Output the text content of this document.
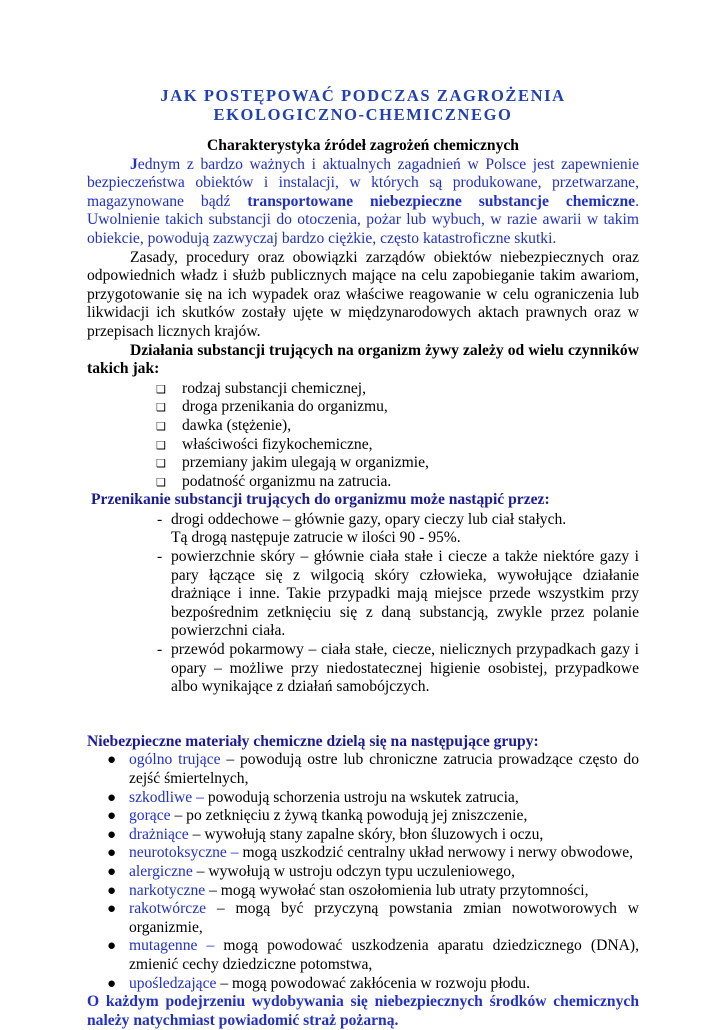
JAK POSTĘPOWAĆ PODCZAS ZAGROŻENIA
EKOLOGICZNO-CHEMICZNEGO
Charakterystyka źródeł zagrożeń chemicznych

Jednym z bardzo ważnych i aktualnych zagadnień w Polsce jest zapewnienie bezpieczeństwa obiektów i instalacji, w których są produkowane, przetwarzane, magazynowane bądź transportowane niebezpieczne substancje chemiczne. Uwolnienie takich substancji do otoczenia, pożar lub wybuch, w razie awarii w takim obiekcie, powodują zazwyczaj bardzo ciężkie, często katastroficzne skutki.

Zasady, procedury oraz obowiązki zarządów obiektów niebezpiecznych oraz odpowiednich władz i służb publicznych mające na celu zapobieganie takim awariom, przygotowanie się na ich wypadek oraz właściwe reagowanie w celu ograniczenia lub likwidacji ich skutków zostały ujęte w międzynarodowych aktach prawnych oraz w przepisach licznych krajów.

Działania substancji trujących na organizm żywy zależy od wielu czynników takich jak:

❑ rodzaj substancji chemicznej,
❑ droga przenikania do organizmu,
❑ dawka (stężenie),
❑ właściwości fizykochemiczne,
❑ przemiany jakim ulegają w organizmie,
❑ podatność organizmu na zatrucia.

Przenikanie substancji trujących do organizmu może nastąpić przez:

- drogi oddechowe – głównie gazy, opary cieczy lub ciał stałych.
Tą drogą następuje zatrucie w ilości 90 - 95%.
- powierzchnie skóry – głównie ciała stałe i ciecze a także niektóre gazy i pary łączące się z wilgocią skóry człowieka, wywołujące działanie drażniące i inne. Takie przypadki mają miejsce przede wszystkim przy bezpośrednim zetknięciu się z daną substancją, zwykle przez polanie powierzchni ciała.
- przewód pokarmowy – ciała stałe, ciecze, nielicznych przypadkach gazy i opary – możliwe przy niedostatecznej higienie osobistej, przypadkowe albo wynikające z działań samobójczych.

Niebezpieczne materiały chemiczne dzielą się na następujące grupy:

● ogólno trujące – powodują ostre lub chroniczne zatrucia prowadzące często do zejść śmiertelnych,
● szkodliwe – powodują schorzenia ustroju na wskutek zatrucia,
● gorące – po zetknięciu z żywą tkanką powodują jej zniszczenie,
● drażniące – wywołują stany zapalne skóry, błon śluzowych i oczu,
● neurotoksyczne – mogą uszkodzić centralny układ nerwowy i nerwy obwodowe,
● alergiczne – wywołują w ustroju odczyn typu uczuleniowego,
● narkotyczne – mogą wywołać stan oszołomienia lub utraty przytomności,
● rakotwórcze – mogą być przyczyną powstania zmian nowotworowych w organizmie,
● mutagenne – mogą powodować uszkodzenia aparatu dziedzicznego (DNA), zmienić cechy dziedziczne potomstwa,
● upośledzające – mogą powodować zakłócenia w rozwoju płodu.

O każdym podejrzeniu wydobywania się niebezpiecznych środków chemicznych należy natychmiast powiadomić straż pożarną.
